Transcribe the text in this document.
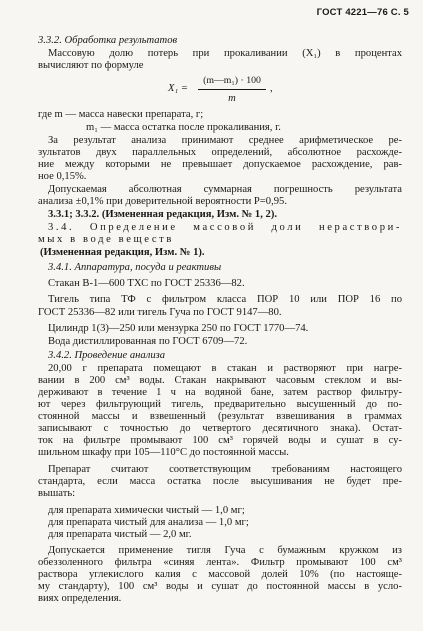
ГОСТ 4221—76 С. 5
3.3.2. Обработка результатов
Массовую долю потерь при прокаливании (X₁) в процентах
вычисляют по формуле
X₁ =
(m—m₁) · 100
m
,
где m — масса навески препарата, г;
m₁ — масса остатка после прокаливания, г.
За результат анализа принимают среднее арифметическое ре-
зультатов двух параллельных определений, абсолютное расхожде-
ние между которыми не превышает допускаемое расхождение, рав-
ное 0,15%.
Допускаемая абсолютная суммарная погрешность результата
анализа ±0,1% при доверительной вероятности P=0,95.
3.3.1; 3.3.2. (Измененная редакция, Изм. № 1, 2).
3.4. Определение массовой доли нераствори-
мых в воде веществ
(Измененная редакция, Изм. № 1).
3.4.1. Аппаратура, посуда и реактивы
Стакан В-1—600 ТХС по ГОСТ 25336—82.
Тигель типа ТФ с фильтром класса ПОР 10 или ПОР 16 по
ГОСТ 25336—82 или тигель Гуча по ГОСТ 9147—80.
Цилиндр 1(3)—250 или мензурка 250 по ГОСТ 1770—74.
Вода дистиллированная по ГОСТ 6709—72.
3.4.2. Проведение анализа
20,00 г препарата помещают в стакан и растворяют при нагре-
вании в 200 см³ воды. Стакан накрывают часовым стеклом и вы-
держивают в течение 1 ч на водяной бане, затем раствор фильтру-
ют через фильтрующий тигель, предварительно высушенный до по-
стоянной массы и взвешенный (результат взвешивания в граммах
записывают с точностью до четвертого десятичного знака). Остат-
ток на фильтре промывают 100 см³ горячей воды и сушат в су-
шильном шкафу при 105—110°С до постоянной массы.
Препарат считают соответствующим требованиям настоящего
стандарта, если масса остатка после высушивания не будет пре-
вышать:
для препарата химически чистый — 1,0 мг;
для препарата чистый для анализа — 1,0 мг;
для препарата чистый — 2,0 мг.
Допускается применение тигля Гуча с бумажным кружком из
обеззоленного фильтра «синяя лента». Фильтр промывают 100 см³
раствора углекислого калия с массовой долей 10% (по настояще-
му стандарту), 100 см³ воды и сушат до постоянной массы в усло-
виях определения.
